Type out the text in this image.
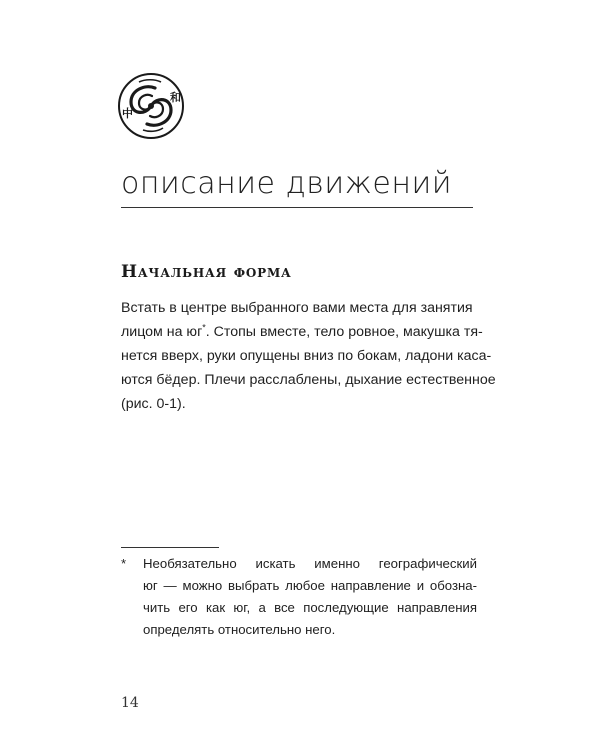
中
和
описание движений
Начальная форма

Встать в центре выбранного вами места для занятия
лицом на юг*. Стопы вместе, тело ровное, макушка тя-
нется вверх, руки опущены вниз по бокам, ладони каса-
ются бёдер. Плечи расслаблены, дыхание естественное
(рис. 0-1).

* Необязательно искать именно географический
юг — можно выбрать любое направление и обозна-
чить его как юг, а все последующие направления
определять относительно него.

14
